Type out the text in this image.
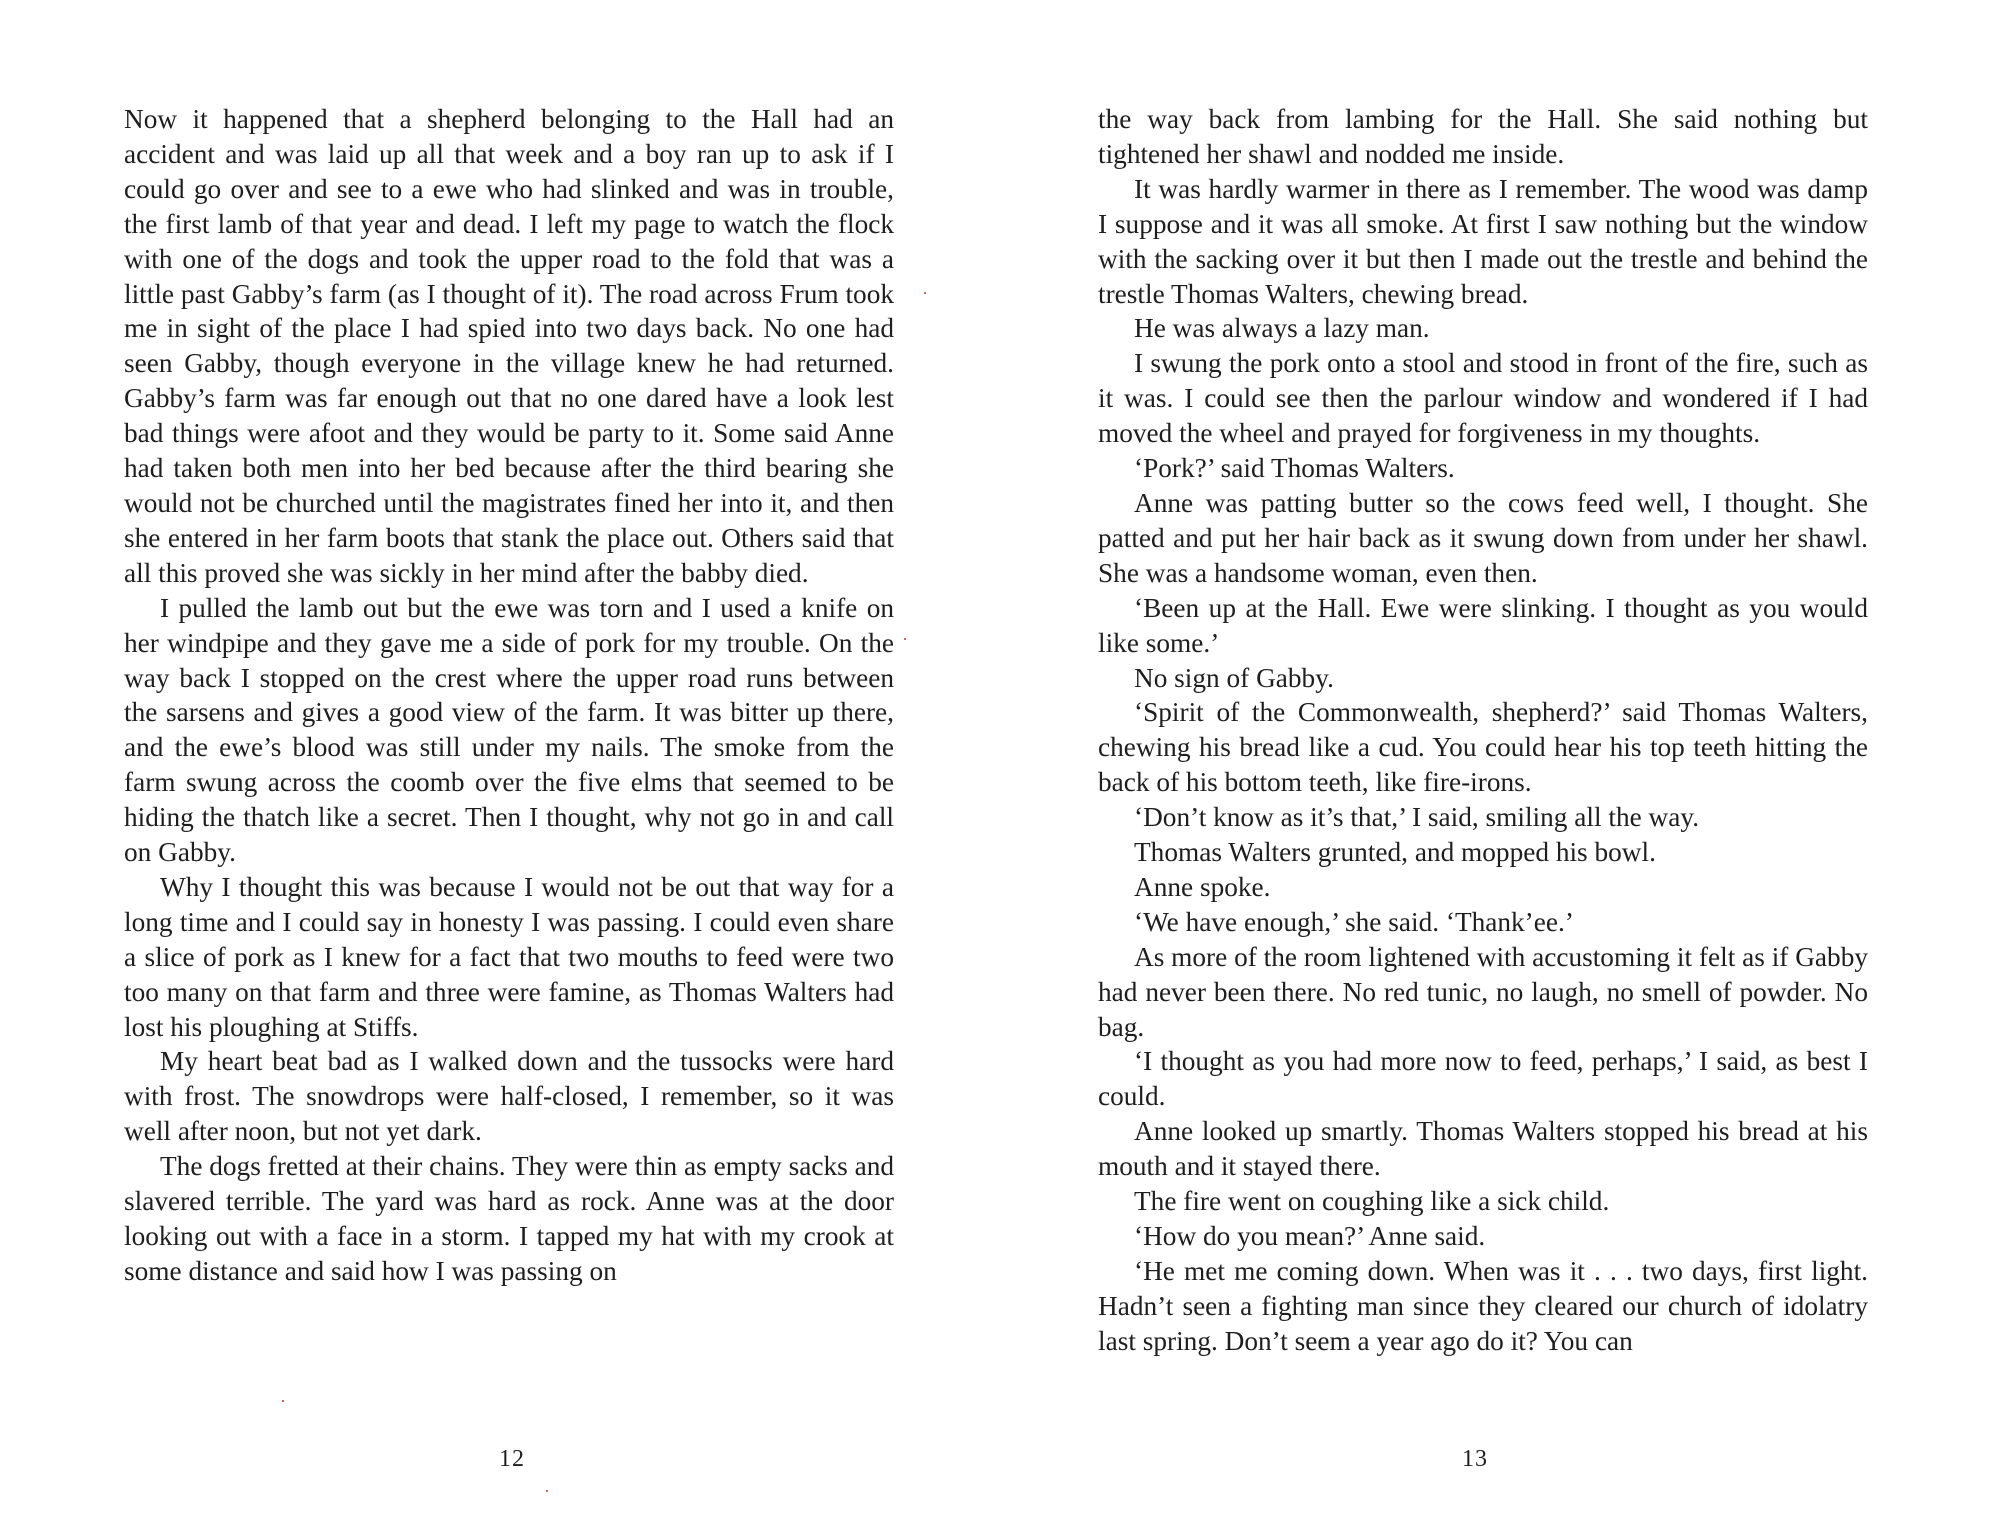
Now it happened that a shepherd belonging to the Hall had an accident and was laid up all that week and a boy ran up to ask if I could go over and see to a ewe who had slinked and was in trouble, the first lamb of that year and dead. I left my page to watch the flock with one of the dogs and took the upper road to the fold that was a little past Gabby’s farm (as I thought of it). The road across Frum took me in sight of the place I had spied into two days back. No one had seen Gabby, though everyone in the village knew he had returned. Gabby’s farm was far enough out that no one dared have a look lest bad things were afoot and they would be party to it. Some said Anne had taken both men into her bed because after the third bearing she would not be churched until the magistrates fined her into it, and then she entered in her farm boots that stank the place out. Others said that all this proved she was sickly in her mind after the babby died.

I pulled the lamb out but the ewe was torn and I used a knife on her windpipe and they gave me a side of pork for my trouble. On the way back I stopped on the crest where the upper road runs between the sarsens and gives a good view of the farm. It was bitter up there, and the ewe’s blood was still under my nails. The smoke from the farm swung across the coomb over the five elms that seemed to be hiding the thatch like a secret. Then I thought, why not go in and call on Gabby.

Why I thought this was because I would not be out that way for a long time and I could say in honesty I was passing. I could even share a slice of pork as I knew for a fact that two mouths to feed were two too many on that farm and three were famine, as Thomas Walters had lost his ploughing at Stiffs.

My heart beat bad as I walked down and the tussocks were hard with frost. The snowdrops were half-closed, I remember, so it was well after noon, but not yet dark.

The dogs fretted at their chains. They were thin as empty sacks and slavered terrible. The yard was hard as rock. Anne was at the door looking out with a face in a storm. I tapped my hat with my crook at some distance and said how I was passing on

12

the way back from lambing for the Hall. She said nothing but tightened her shawl and nodded me inside.

It was hardly warmer in there as I remember. The wood was damp I suppose and it was all smoke. At first I saw nothing but the window with the sacking over it but then I made out the trestle and behind the trestle Thomas Walters, chewing bread.

He was always a lazy man.

I swung the pork onto a stool and stood in front of the fire, such as it was. I could see then the parlour window and wondered if I had moved the wheel and prayed for forgiveness in my thoughts.

‘Pork?’ said Thomas Walters.

Anne was patting butter so the cows feed well, I thought. She patted and put her hair back as it swung down from under her shawl. She was a handsome woman, even then.

‘Been up at the Hall. Ewe were slinking. I thought as you would like some.’

No sign of Gabby.

‘Spirit of the Commonwealth, shepherd?’ said Thomas Walters, chewing his bread like a cud. You could hear his top teeth hitting the back of his bottom teeth, like fire-irons.

‘Don’t know as it’s that,’ I said, smiling all the way.

Thomas Walters grunted, and mopped his bowl.

Anne spoke.

‘We have enough,’ she said. ‘Thank’ee.’

As more of the room lightened with accustoming it felt as if Gabby had never been there. No red tunic, no laugh, no smell of powder. No bag.

‘I thought as you had more now to feed, perhaps,’ I said, as best I could.

Anne looked up smartly. Thomas Walters stopped his bread at his mouth and it stayed there.

The fire went on coughing like a sick child.

‘How do you mean?’ Anne said.

‘He met me coming down. When was it . . . two days, first light. Hadn’t seen a fighting man since they cleared our church of idolatry last spring. Don’t seem a year ago do it? You can

13
